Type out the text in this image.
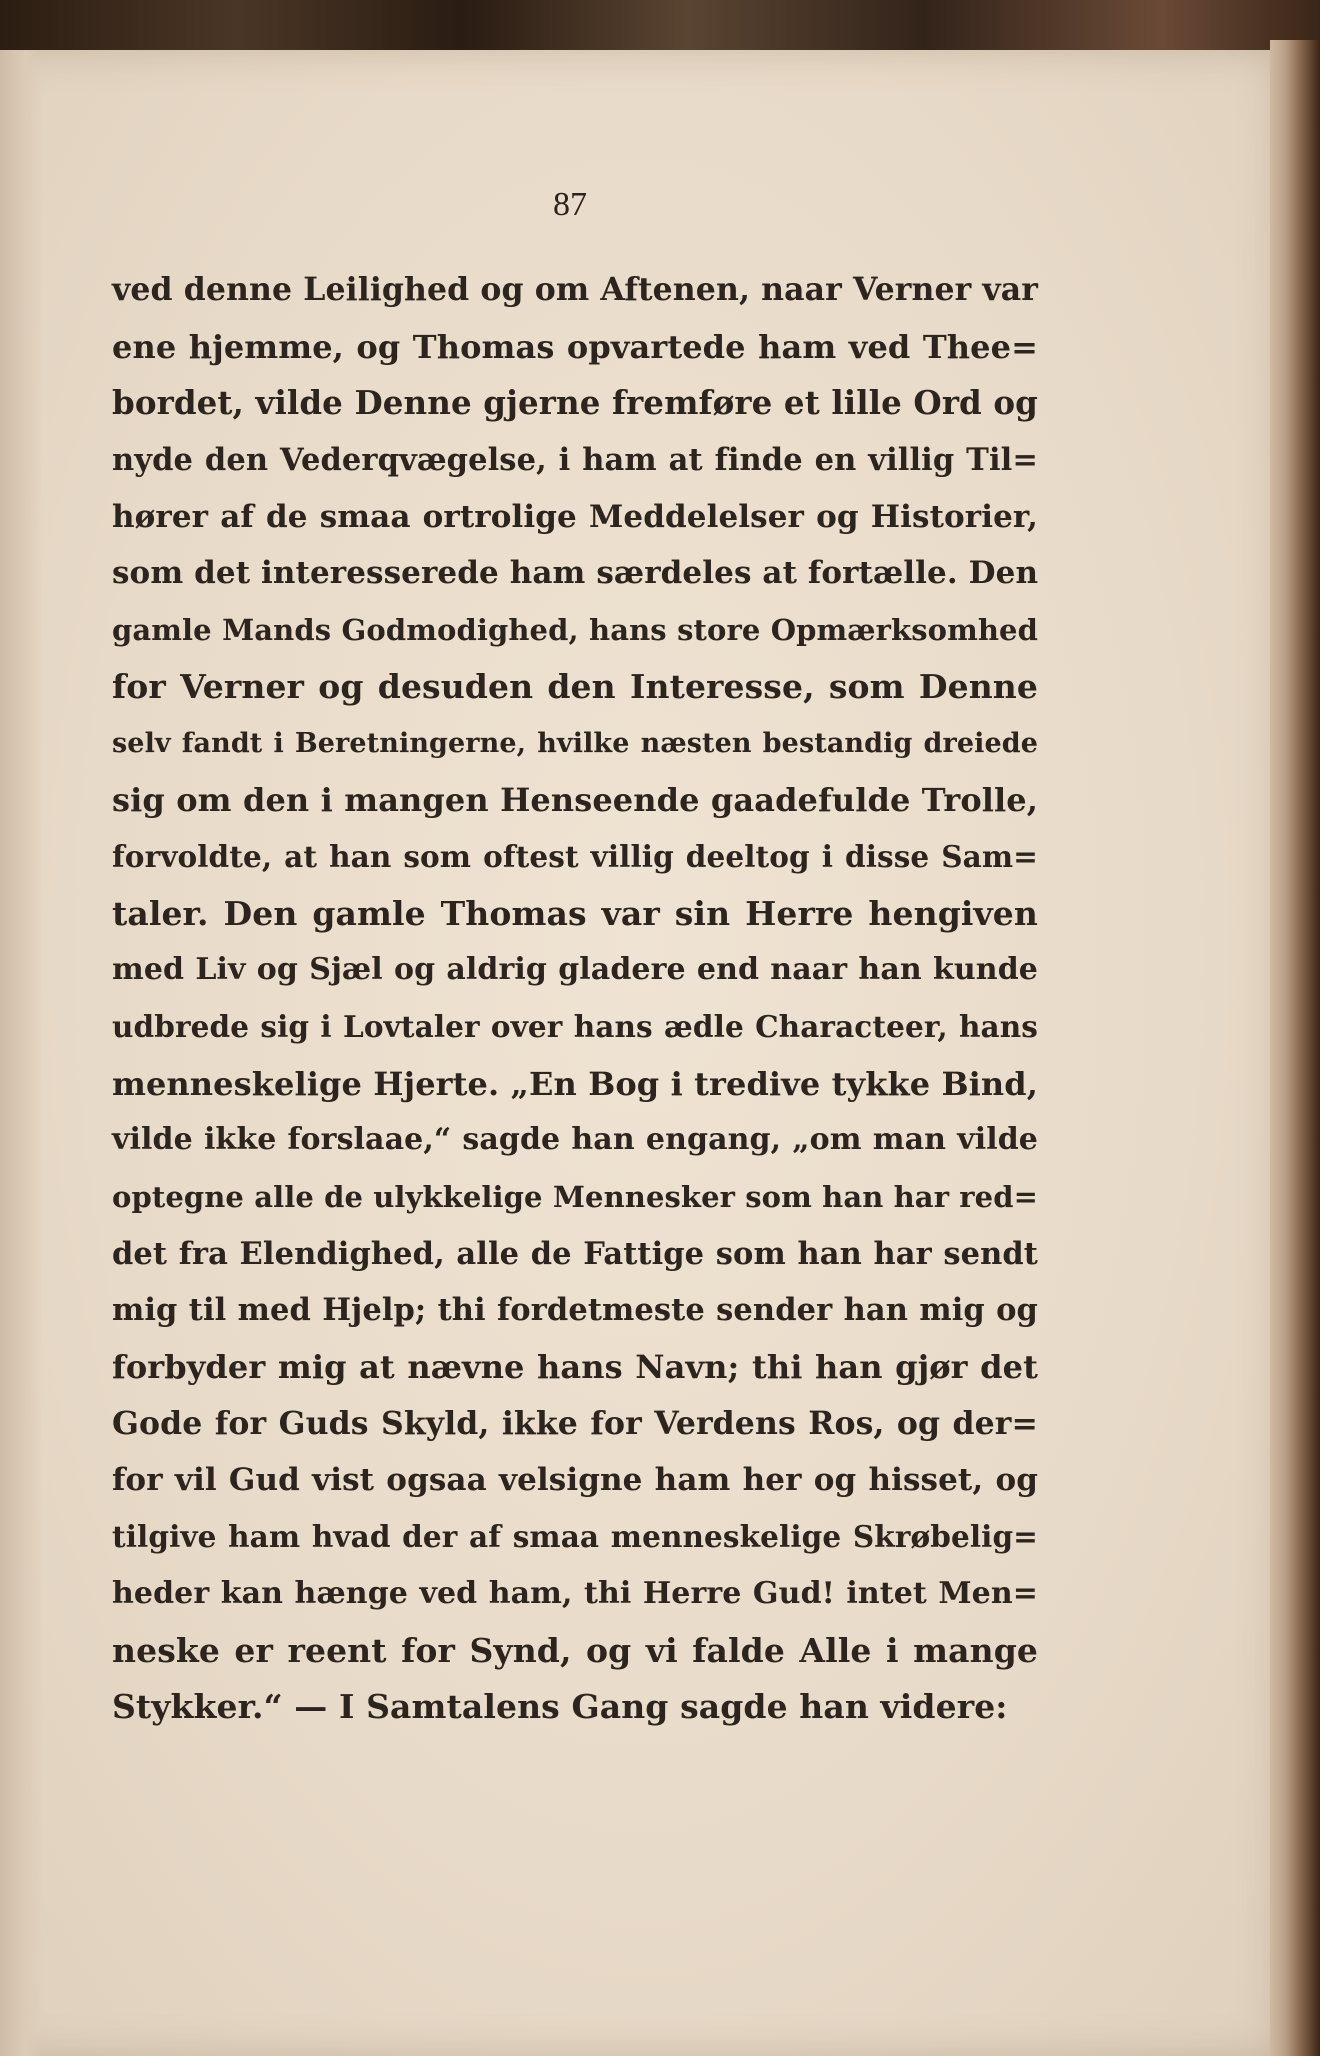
87
ved denne Leilighed og om Aftenen, naar Verner var
ene hjemme, og Thomas opvartede ham ved Thee=
bordet, vilde Denne gjerne fremføre et lille Ord og
nyde den Vederqvægelse, i ham at finde en villig Til=
hører af de smaa ortrolige Meddelelser og Historier,
som det interesserede ham særdeles at fortælle. Den
gamle Mands Godmodighed, hans store Opmærksomhed
for Verner og desuden den Interesse, som Denne
selv fandt i Beretningerne, hvilke næsten bestandig dreiede
sig om den i mangen Henseende gaadefulde Trolle,
forvoldte, at han som oftest villig deeltog i disse Sam=
taler. Den gamle Thomas var sin Herre hengiven
med Liv og Sjæl og aldrig gladere end naar han kunde
udbrede sig i Lovtaler over hans ædle Characteer, hans
menneskelige Hjerte. „En Bog i tredive tykke Bind,
vilde ikke forslaae,“ sagde han engang, „om man vilde
optegne alle de ulykkelige Mennesker som han har red=
det fra Elendighed, alle de Fattige som han har sendt
mig til med Hjelp; thi fordetmeste sender han mig og
forbyder mig at nævne hans Navn; thi han gjør det
Gode for Guds Skyld, ikke for Verdens Ros, og der=
for vil Gud vist ogsaa velsigne ham her og hisset, og
tilgive ham hvad der af smaa menneskelige Skrøbelig=
heder kan hænge ved ham, thi Herre Gud! intet Men=
neske er reent for Synd, og vi falde Alle i mange
Stykker.“ — I Samtalens Gang sagde han videre:
